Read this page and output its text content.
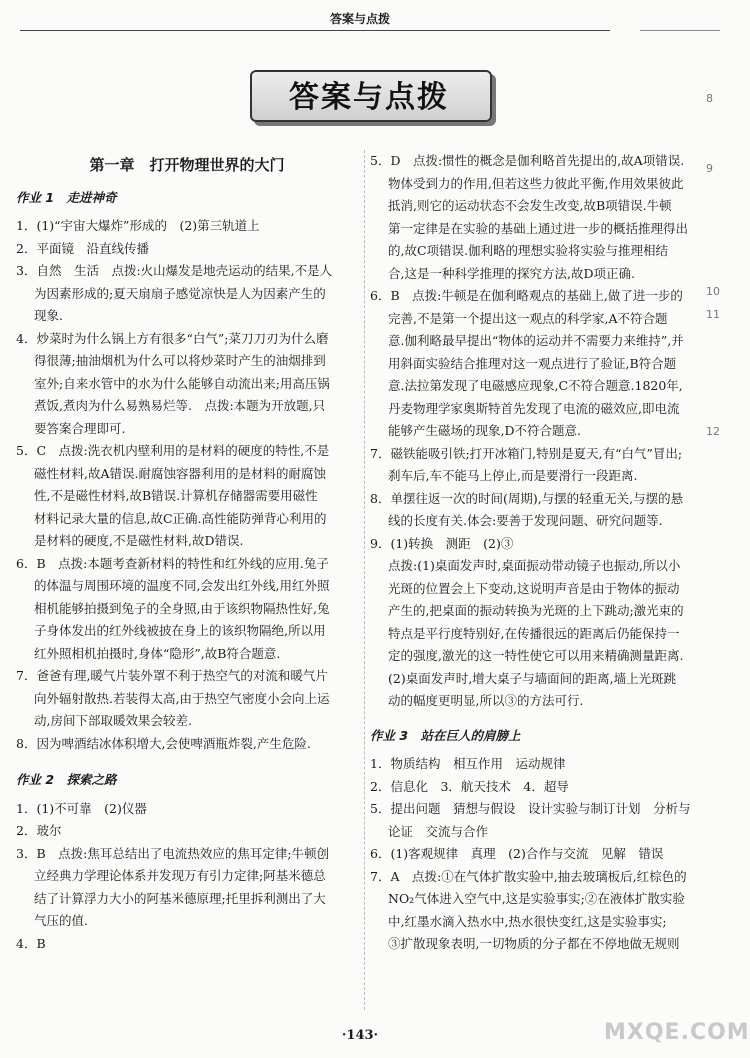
答案与点拨
答案与点拨
第一章　打开物理世界的大门
作业 1　走进神奇
1．(1)“宇宙大爆炸”形成的　(2)第三轨道上
2．平面镜　沿直线传播
3．自然　生活　点拨:火山爆发是地壳运动的结果,不是人
为因素形成的;夏天扇扇子感觉凉快是人为因素产生的
现象.
4．炒菜时为什么锅上方有很多“白气”;菜刀刀刃为什么磨
得很薄;抽油烟机为什么可以将炒菜时产生的油烟排到
室外;自来水管中的水为什么能够自动流出来;用高压锅
煮饭,煮肉为什么易熟易烂等.　点拨:本题为开放题,只
要答案合理即可.
5．C　点拨:洗衣机内壁利用的是材料的硬度的特性,不是
磁性材料,故A错误.耐腐蚀容器利用的是材料的耐腐蚀
性,不是磁性材料,故B错误.计算机存储器需要用磁性
材料记录大量的信息,故C正确.高性能防弹背心利用的
是材料的硬度,不是磁性材料,故D错误.
6．B　点拨:本题考查新材料的特性和红外线的应用.兔子
的体温与周围环境的温度不同,会发出红外线,用红外照
相机能够拍摄到兔子的全身照,由于该织物隔热性好,兔
子身体发出的红外线被披在身上的该织物隔绝,所以用
红外照相机拍摄时,身体“隐形”,故B符合题意.
7．爸爸有理,暖气片装外罩不利于热空气的对流和暖气片
向外辐射散热.若装得太高,由于热空气密度小会向上运
动,房间下部取暖效果会较差.
8．因为啤酒结冰体积增大,会使啤酒瓶炸裂,产生危险.
作业 2　探索之路
1．(1)不可靠　(2)仪器
2．玻尔
3．B　点拨:焦耳总结出了电流热效应的焦耳定律;牛顿创
立经典力学理论体系并发现万有引力定律;阿基米德总
结了计算浮力大小的阿基米德原理;托里拆利测出了大
气压的值.
4．B
5．D　点拨:惯性的概念是伽利略首先提出的,故A项错误.
物体受到力的作用,但若这些力彼此平衡,作用效果彼此
抵消,则它的运动状态不会发生改变,故B项错误.牛顿
第一定律是在实验的基础上通过进一步的概括推理得出
的,故C项错误.伽利略的理想实验将实验与推理相结
合,这是一种科学推理的探究方法,故D项正确.
6．B　点拨:牛顿是在伽利略观点的基础上,做了进一步的
完善,不是第一个提出这一观点的科学家,A不符合题
意.伽利略最早提出“物体的运动并不需要力来维持”,并
用斜面实验结合推理对这一观点进行了验证,B符合题
意.法拉第发现了电磁感应现象,C不符合题意.1820年,
丹麦物理学家奥斯特首先发现了电流的磁效应,即电流
能够产生磁场的现象,D不符合题意.
7．磁铁能吸引铁;打开冰箱门,特别是夏天,有“白气”冒出;
刹车后,车不能马上停止,而是要滑行一段距离.
8．单摆往返一次的时间(周期),与摆的轻重无关,与摆的悬
线的长度有关.体会:要善于发现问题、研究问题等.
9．(1)转换　测距　(2)③
点拨:(1)桌面发声时,桌面振动带动镜子也振动,所以小
光斑的位置会上下变动,这说明声音是由于物体的振动
产生的,把桌面的振动转换为光斑的上下跳动;激光束的
特点是平行度特别好,在传播很远的距离后仍能保持一
定的强度,激光的这一特性使它可以用来精确测量距离.
(2)桌面发声时,增大桌子与墙面间的距离,墙上光斑跳
动的幅度更明显,所以③的方法可行.
作业 3　站在巨人的肩膀上
1．物质结构　相互作用　运动规律
2．信息化　3．航天技术　4．超导
5．提出问题　猜想与假设　设计实验与制订计划　分析与
论证　交流与合作
6．(1)客观规律　真理　(2)合作与交流　见解　错误
7．A　点拨:①在气体扩散实验中,抽去玻璃板后,红棕色的
NO₂气体进入空气中,这是实验事实;②在液体扩散实验
中,红墨水滴入热水中,热水很快变红,这是实验事实;
③扩散现象表明,一切物质的分子都在不停地做无规则
8
9
10
11
12
·143·	MXQE.COM
